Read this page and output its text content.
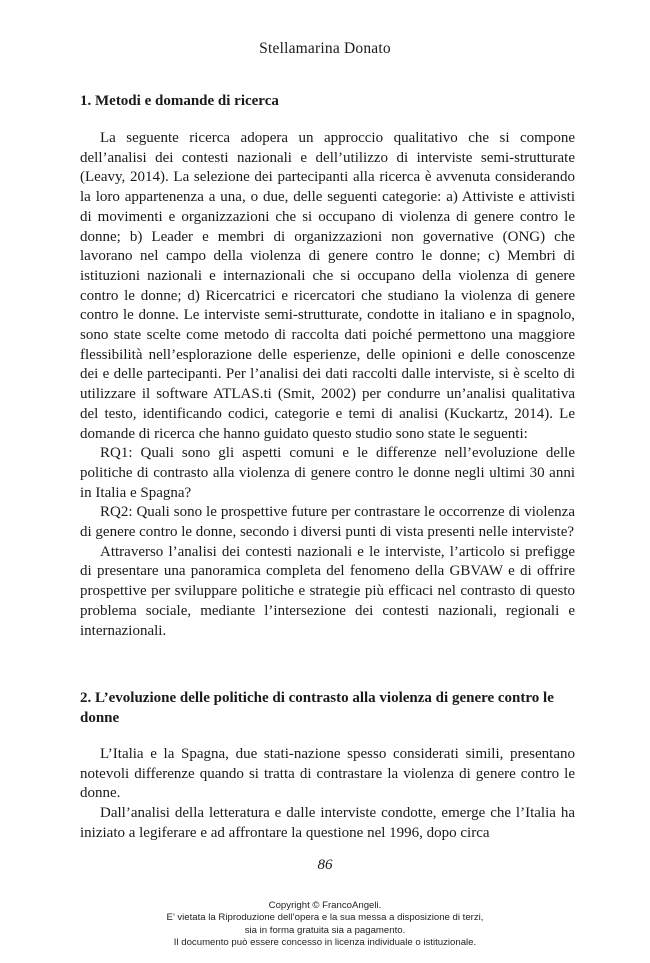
Stellamarina Donato
1. Metodi e domande di ricerca

La seguente ricerca adopera un approccio qualitativo che si compone dell’analisi dei contesti nazionali e dell’utilizzo di interviste semi-strutturate (Leavy, 2014). La selezione dei partecipanti alla ricerca è avvenuta considerando la loro appartenenza a una, o due, delle seguenti categorie: a) Attiviste e attivisti di movimenti e organizzazioni che si occupano di violenza di genere contro le donne; b) Leader e membri di organizzazioni non governative (ONG) che lavorano nel campo della violenza di genere contro le donne; c) Membri di istituzioni nazionali e internazionali che si occupano della violenza di genere contro le donne; d) Ricercatrici e ricercatori che studiano la violenza di genere contro le donne. Le interviste semi-strutturate, condotte in italiano e in spagnolo, sono state scelte come metodo di raccolta dati poiché permettono una maggiore flessibilità nell’esplorazione delle esperienze, delle opinioni e delle conoscenze dei e delle partecipanti. Per l’analisi dei dati raccolti dalle interviste, si è scelto di utilizzare il software ATLAS.ti (Smit, 2002) per condurre un’analisi qualitativa del testo, identificando codici, categorie e temi di analisi (Kuckartz, 2014). Le domande di ricerca che hanno guidato questo studio sono state le seguenti:

RQ1: Quali sono gli aspetti comuni e le differenze nell’evoluzione delle politiche di contrasto alla violenza di genere contro le donne negli ultimi 30 anni in Italia e Spagna?

RQ2: Quali sono le prospettive future per contrastare le occorrenze di violenza di genere contro le donne, secondo i diversi punti di vista presenti nelle interviste?

Attraverso l’analisi dei contesti nazionali e le interviste, l’articolo si prefigge di presentare una panoramica completa del fenomeno della GBVAW e di offrire prospettive per sviluppare politiche e strategie più efficaci nel contrasto di questo problema sociale, mediante l’intersezione dei contesti nazionali, regionali e internazionali.

2. L’evoluzione delle politiche di contrasto alla violenza di genere contro le donne

L’Italia e la Spagna, due stati-nazione spesso considerati simili, presentano notevoli differenze quando si tratta di contrastare la violenza di genere contro le donne.

Dall’analisi della letteratura e dalle interviste condotte, emerge che l’Italia ha iniziato a legiferare e ad affrontare la questione nel 1996, dopo circa

86
Copyright © FrancoAngeli.
E’ vietata la Riproduzione dell’opera e la sua messa a disposizione di terzi,
sia in forma gratuita sia a pagamento.
Il documento può essere concesso in licenza individuale o istituzionale.
